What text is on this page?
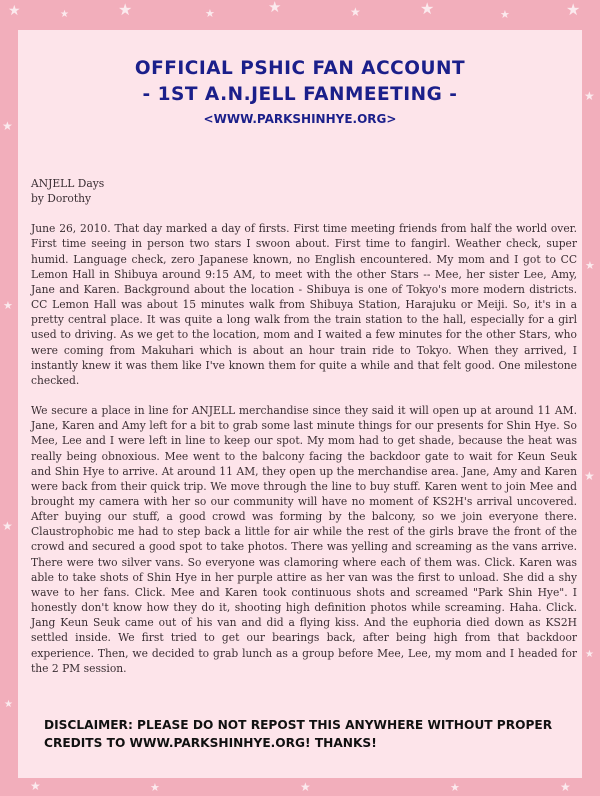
★	★	★	★	★	★	★	★	★
★
★
★
★
★
★
★
★
★	★	★	★	★
OFFICIAL PSHIC FAN ACCOUNT
- 1ST A.N.JELL FANMEETING -
<WWW.PARKSHINHYE.ORG>
ANJELL Days
by Dorothy

June 26, 2010. That day marked a day of firsts. First time meeting friends from half the world over. First time seeing in person two stars I swoon about. First time to fangirl. Weather check, super humid. Language check, zero Japanese known, no English encountered. My mom and I got to CC Lemon Hall in Shibuya around 9:15 AM, to meet with the other Stars -- Mee, her sister Lee, Amy, Jane and Karen. Background about the location - Shibuya is one of Tokyo's more modern districts. CC Lemon Hall was about 15 minutes walk from Shibuya Station, Harajuku or Meiji. So, it's in a pretty central place. It was quite a long walk from the train station to the hall, especially for a girl used to driving. As we get to the location, mom and I waited a few minutes for the other Stars, who were coming from Makuhari which is about an hour train ride to Tokyo. When they arrived, I instantly knew it was them like I've known them for quite a while and that felt good. One milestone checked.

We secure a place in line for ANJELL merchandise since they said it will open up at around 11 AM. Jane, Karen and Amy left for a bit to grab some last minute things for our presents for Shin Hye. So Mee, Lee and I were left in line to keep our spot. My mom had to get shade, because the heat was really being obnoxious. Mee went to the balcony facing the backdoor gate to wait for Keun Seuk and Shin Hye to arrive. At around 11 AM, they open up the merchandise area. Jane, Amy and Karen were back from their quick trip. We move through the line to buy stuff. Karen went to join Mee and brought my camera with her so our community will have no moment of KS2H's arrival uncovered. After buying our stuff, a good crowd was forming by the balcony, so we join everyone there. Claustrophobic me had to step back a little for air while the rest of the girls brave the front of the crowd and secured a good spot to take photos. There was yelling and screaming as the vans arrive. There were two silver vans. So everyone was clamoring where each of them was. Click. Karen was able to take shots of Shin Hye in her purple attire as her van was the first to unload. She did a shy wave to her fans. Click. Mee and Karen took continuous shots and screamed "Park Shin Hye". I honestly don't know how they do it, shooting high definition photos while screaming. Haha. Click. Jang Keun Seuk came out of his van and did a flying kiss. And the euphoria died down as KS2H settled inside. We first tried to get our bearings back, after being high from that backdoor experience. Then, we decided to grab lunch as a group before Mee, Lee, my mom and I headed for the 2 PM session.

DISCLAIMER: PLEASE DO NOT REPOST THIS ANYWHERE WITHOUT PROPER CREDITS TO WWW.PARKSHINHYE.ORG! THANKS!
